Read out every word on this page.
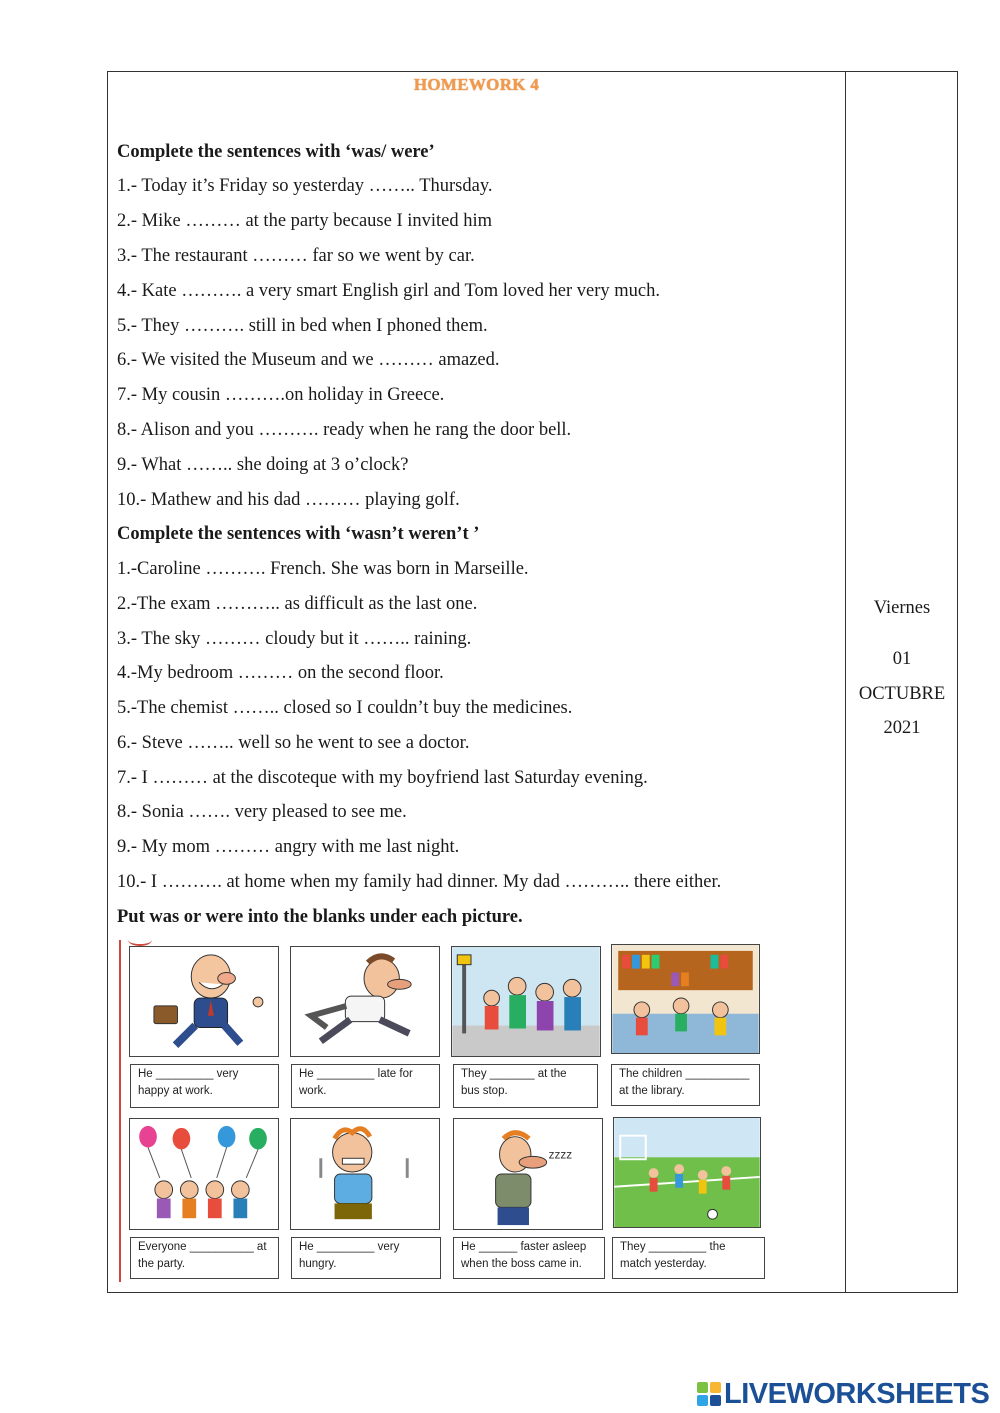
HOMEWORK 4
Complete the sentences with ‘was/ were’
1.- Today it’s Friday so yesterday …….. Thursday.
2.- Mike ……… at the party because I invited him
3.- The restaurant ……… far so we went by car.
4.- Kate ………. a very smart English girl and Tom loved her very much.
5.- They ………. still in bed when I phoned them.
6.- We visited the Museum and we ……… amazed.
7.- My cousin ……….on holiday in Greece.
8.- Alison and you ………. ready when he rang the door bell.
9.- What …….. she doing at 3 o’clock?
10.- Mathew and his dad ……… playing golf.
Complete the sentences with ‘wasn’t weren’t ’
1.-Caroline ………. French. She was born in Marseille.
2.-The exam ……….. as difficult as the last one.
3.- The sky ……… cloudy but it …….. raining.
4.-My bedroom ……… on the second floor.
5.-The chemist …….. closed so I couldn’t buy the medicines.
6.- Steve …….. well so he went to see a doctor.
7.- I ……… at the discoteque with my boyfriend last Saturday evening.
8.- Sonia ……. very pleased to see me.
9.- My mom ……… angry with me last night.
10.- I ………. at home when my family had dinner. My dad ……….. there either.
Put was or were into the blanks under each picture.
He _________ very
happy at work.
He _________ late for
work.
They _______ at the
bus stop.
The children __________
at the library.
zzzz
Everyone __________ at
the party.
He _________ very
hungry.
He ______ faster asleep
when the boss came in.
They _________ the
match yesterday.
Viernes
01
OCTUBRE
2021
LIVEWORKSHEETS
